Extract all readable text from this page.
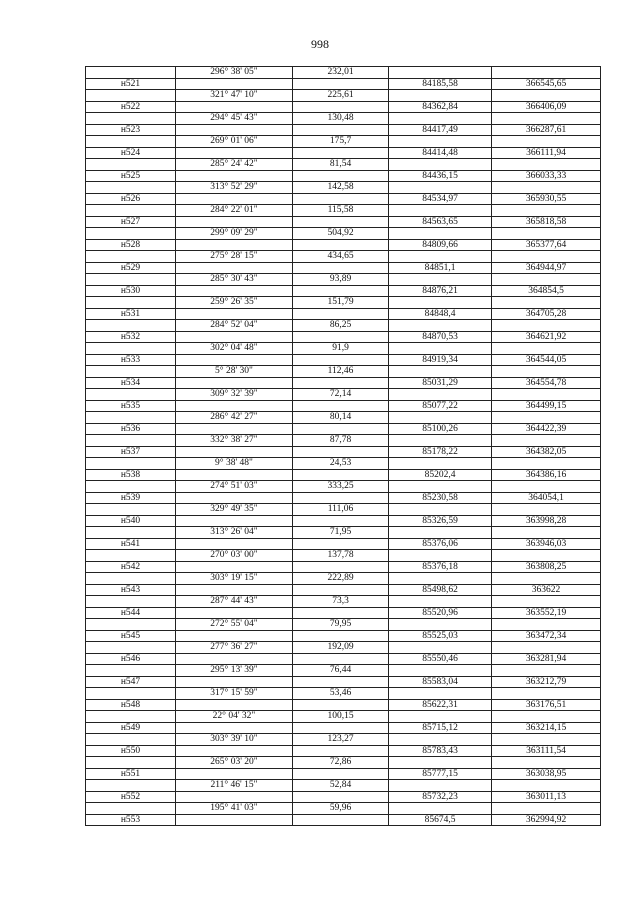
998
	296° 38' 05"	232,01		
н521			84185,58	366545,65
	321° 47' 10"	225,61		
н522			84362,84	366406,09
	294° 45' 43"	130,48		
н523			84417,49	366287,61
	269° 01' 06"	175,7		
н524			84414,48	366111,94
	285° 24' 42"	81,54		
н525			84436,15	366033,33
	313° 52' 29"	142,58		
н526			84534,97	365930,55
	284° 22' 01"	115,58		
н527			84563,65	365818,58
	299° 09' 29"	504,92		
н528			84809,66	365377,64
	275° 28' 15"	434,65		
н529			84851,1	364944,97
	285° 30' 43"	93,89		
н530			84876,21	364854,5
	259° 26' 35"	151,79		
н531			84848,4	364705,28
	284° 52' 04"	86,25		
н532			84870,53	364621,92
	302° 04' 48"	91,9		
н533			84919,34	364544,05
	5° 28' 30"	112,46		
н534			85031,29	364554,78
	309° 32' 39"	72,14		
н535			85077,22	364499,15
	286° 42' 27"	80,14		
н536			85100,26	364422,39
	332° 38' 27"	87,78		
н537			85178,22	364382,05
	9° 38' 48"	24,53		
н538			85202,4	364386,16
	274° 51' 03"	333,25		
н539			85230,58	364054,1
	329° 49' 35"	111,06		
н540			85326,59	363998,28
	313° 26' 04"	71,95		
н541			85376,06	363946,03
	270° 03' 00"	137,78		
н542			85376,18	363808,25
	303° 19' 15"	222,89		
н543			85498,62	363622
	287° 44' 43"	73,3		
н544			85520,96	363552,19
	272° 55' 04"	79,95		
н545			85525,03	363472,34
	277° 36' 27"	192,09		
н546			85550,46	363281,94
	295° 13' 39"	76,44		
н547			85583,04	363212,79
	317° 15' 59"	53,46		
н548			85622,31	363176,51
	22° 04' 32"	100,15		
н549			85715,12	363214,15
	303° 39' 10"	123,27		
н550			85783,43	363111,54
	265° 03' 20"	72,86		
н551			85777,15	363038,95
	211° 46' 15"	52,84		
н552			85732,23	363011,13
	195° 41' 03"	59,96		
н553			85674,5	362994,92
